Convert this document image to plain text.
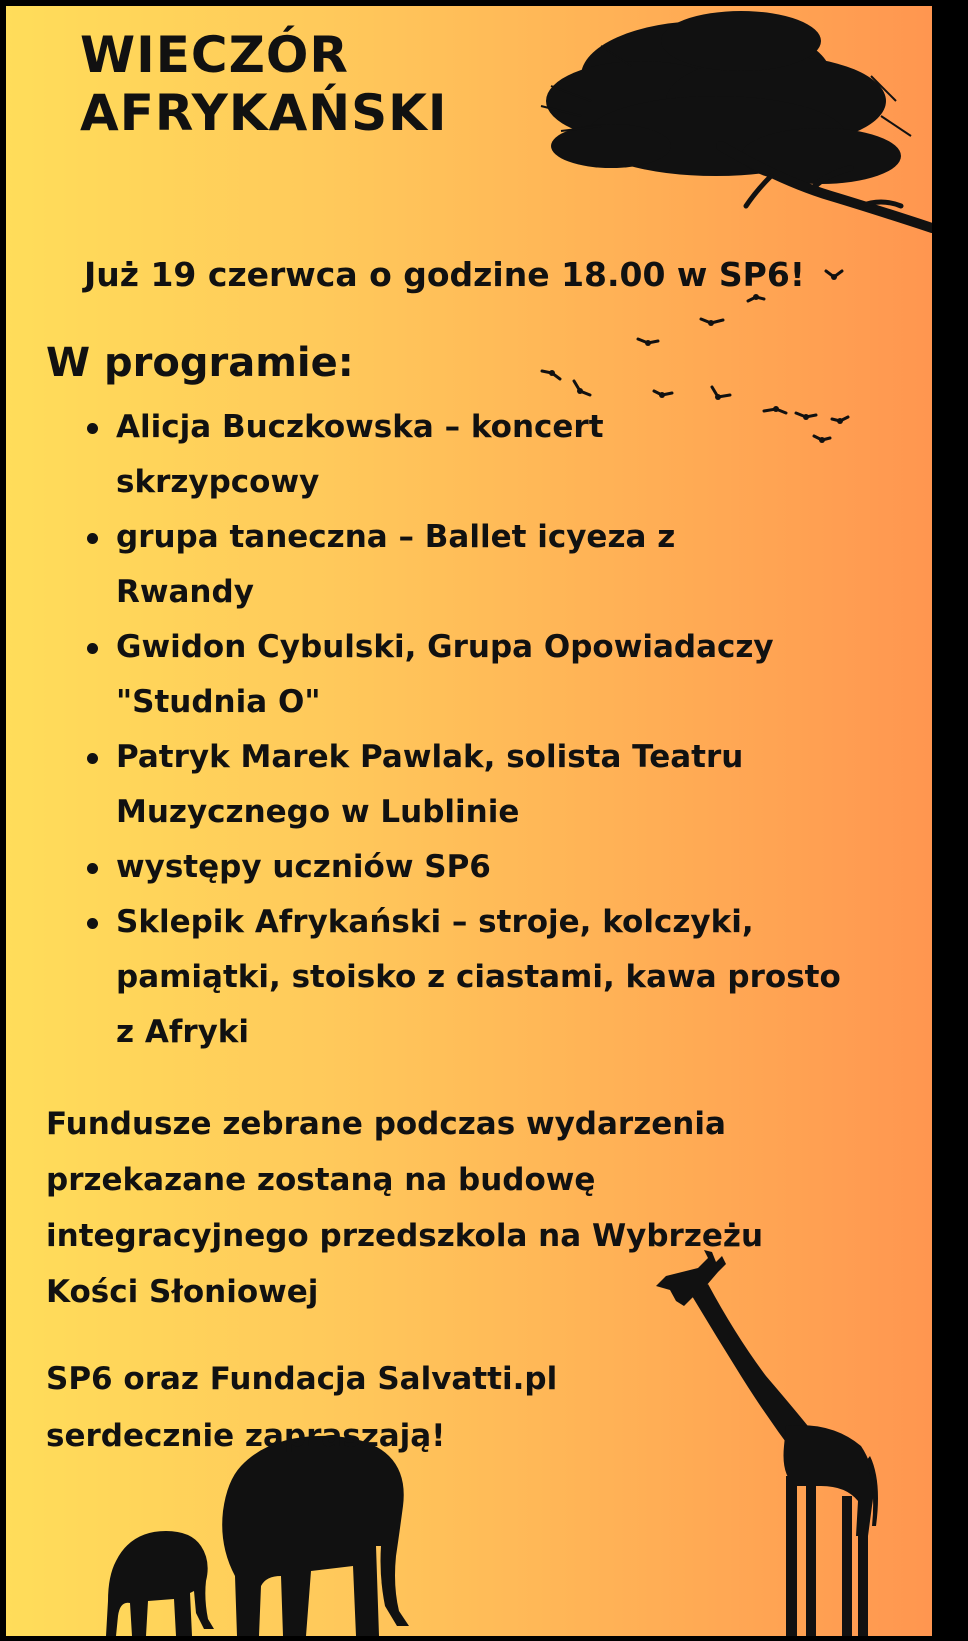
WIECZÓR
AFRYKAŃSKI
Już 19 czerwca o godzine 18.00 w SP6!
W programie:
Alicja Buczkowska – koncert
skrzypcowy
grupa taneczna – Ballet icyeza z
Rwandy
Gwidon Cybulski, Grupa Opowiadaczy
"Studnia O"
Patryk Marek Pawlak, solista Teatru
Muzycznego w Lublinie
występy uczniów SP6
Sklepik Afrykański – stroje, kolczyki,
pamiątki, stoisko z ciastami, kawa prosto
z Afryki
Fundusze zebrane podczas wydarzenia
przekazane zostaną na budowę
integracyjnego przedszkola na Wybrzeżu
Kości Słoniowej
SP6 oraz Fundacja Salvatti.pl
serdecznie zapraszają!
